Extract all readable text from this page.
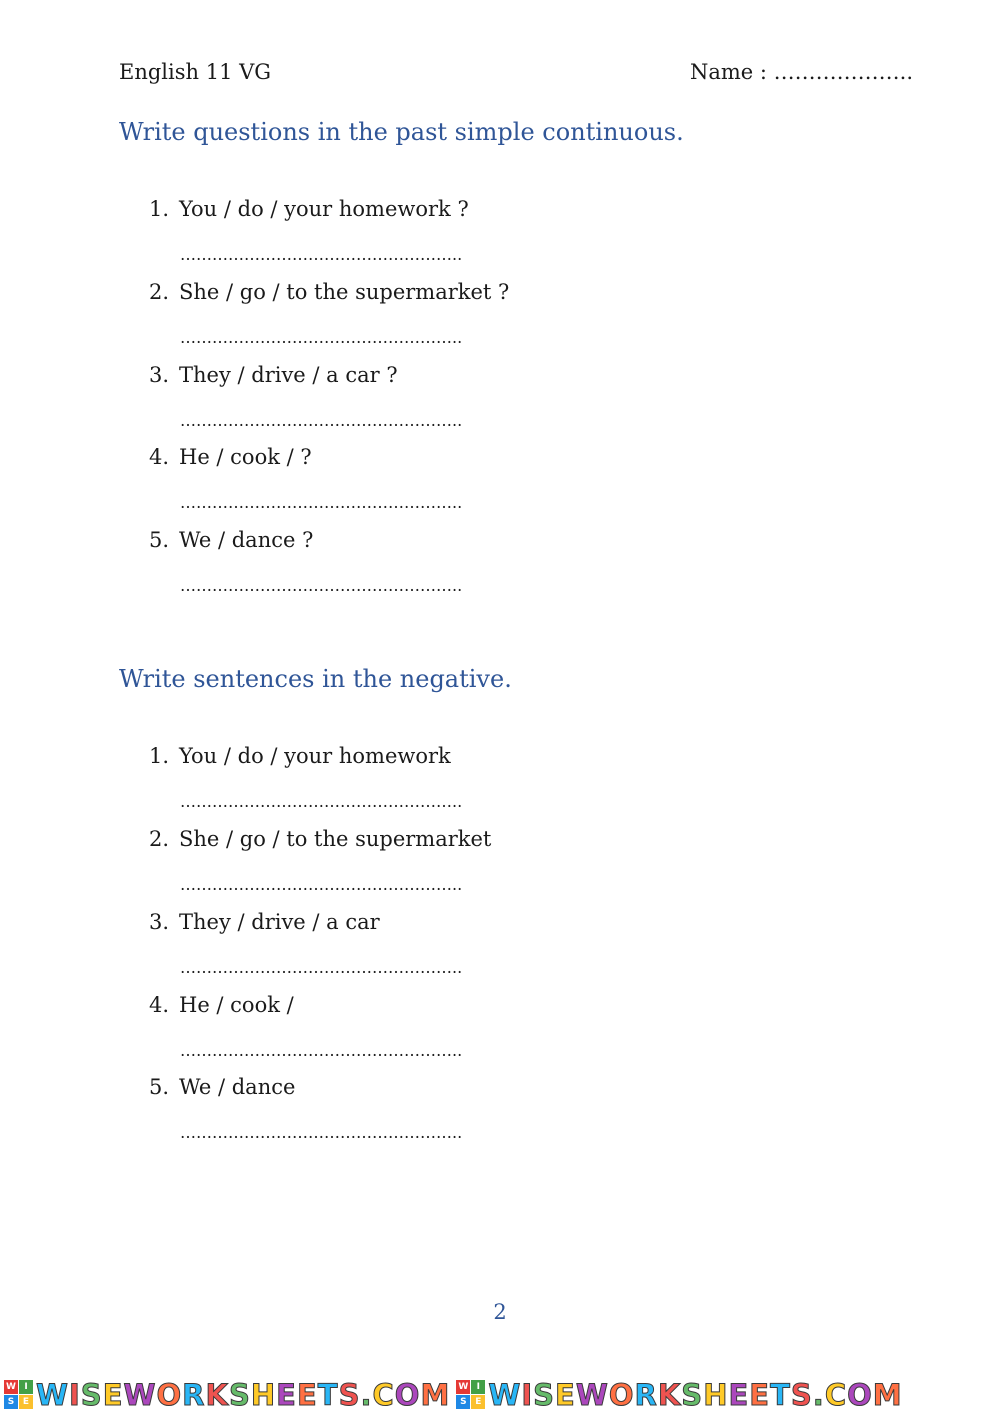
English 11 VG	Name : ………………..
Write questions in the past simple continuous.
1. You / do / your homework ?
……………………………………………..
2. She / go / to the supermarket ?
……………………………………………..
3. They / drive / a car ?
……………………………………………..
4. He / cook / ?
……………………………………………..
5. We / dance ?
……………………………………………..
Write sentences in the negative.
1. You / do / your homework
……………………………………………..
2. She / go / to the supermarket
……………………………………………..
3. They / drive / a car
……………………………………………..
4. He / cook /
……………………………………………..
5. We / dance
……………………………………………..
2
W I
S E WISEWORKSHEETS.COM W I
S E WISEWORKSHEETS.COM
